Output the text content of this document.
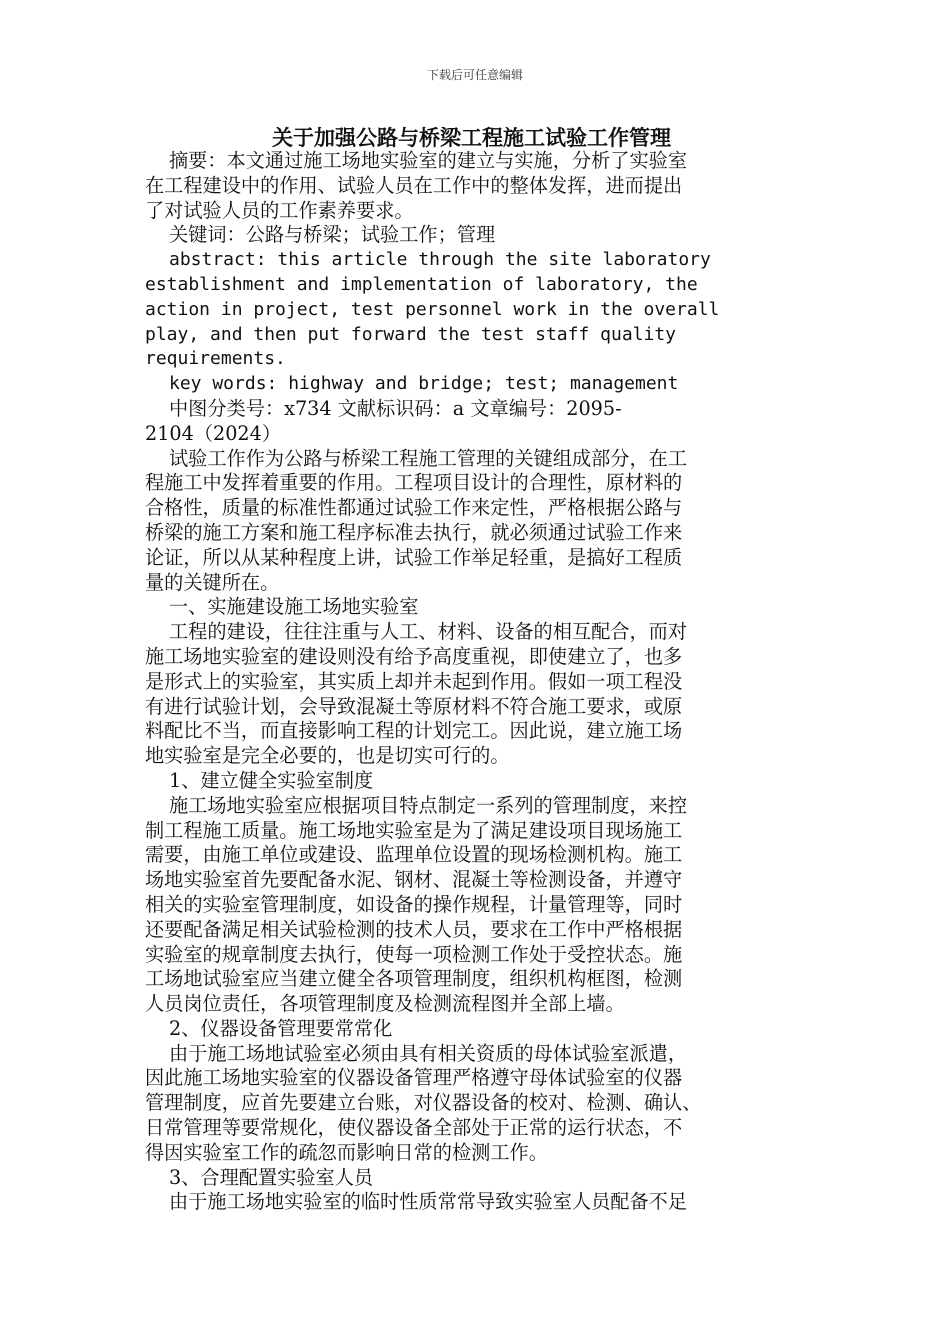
下载后可任意编辑
关于加强公路与桥梁工程施工试验工作管理
摘要：本文通过施工场地实验室的建立与实施，分析了实验室
在工程建设中的作用、试验人员在工作中的整体发挥，进而提出
了对试验人员的工作素养要求。
关键词：公路与桥梁；试验工作；管理
abstract: this article through the site laboratory
establishment and implementation of laboratory, the
action in project, test personnel work in the overall
play, and then put forward the test staff quality
requirements.
key words: highway and bridge; test; management
中图分类号：x734 文献标识码：a 文章编号：2095-
2104（2024）
试验工作作为公路与桥梁工程施工管理的关键组成部分，在工
程施工中发挥着重要的作用。工程项目设计的合理性，原材料的
合格性，质量的标准性都通过试验工作来定性，严格根据公路与
桥梁的施工方案和施工程序标准去执行，就必须通过试验工作来
论证，所以从某种程度上讲，试验工作举足轻重，是搞好工程质
量的关键所在。
一、实施建设施工场地实验室
工程的建设，往往注重与人工、材料、设备的相互配合，而对
施工场地实验室的建设则没有给予高度重视，即使建立了，也多
是形式上的实验室，其实质上却并未起到作用。假如一项工程没
有进行试验计划，会导致混凝土等原材料不符合施工要求，或原
料配比不当，而直接影响工程的计划完工。因此说，建立施工场
地实验室是完全必要的，也是切实可行的。
1、建立健全实验室制度
施工场地实验室应根据项目特点制定一系列的管理制度，来控
制工程施工质量。施工场地实验室是为了满足建设项目现场施工
需要，由施工单位或建设、监理单位设置的现场检测机构。施工
场地实验室首先要配备水泥、钢材、混凝土等检测设备，并遵守
相关的实验室管理制度，如设备的操作规程，计量管理等，同时
还要配备满足相关试验检测的技术人员，要求在工作中严格根据
实验室的规章制度去执行，使每一项检测工作处于受控状态。施
工场地试验室应当建立健全各项管理制度，组织机构框图，检测
人员岗位责任，各项管理制度及检测流程图并全部上墙。
2、仪器设备管理要常常化
由于施工场地试验室必须由具有相关资质的母体试验室派遣，
因此施工场地实验室的仪器设备管理严格遵守母体试验室的仪器
管理制度，应首先要建立台账，对仪器设备的校对、检测、确认、
日常管理等要常规化，使仪器设备全部处于正常的运行状态，不
得因实验室工作的疏忽而影响日常的检测工作。
3、合理配置实验室人员
由于施工场地实验室的临时性质常常导致实验室人员配备不足
